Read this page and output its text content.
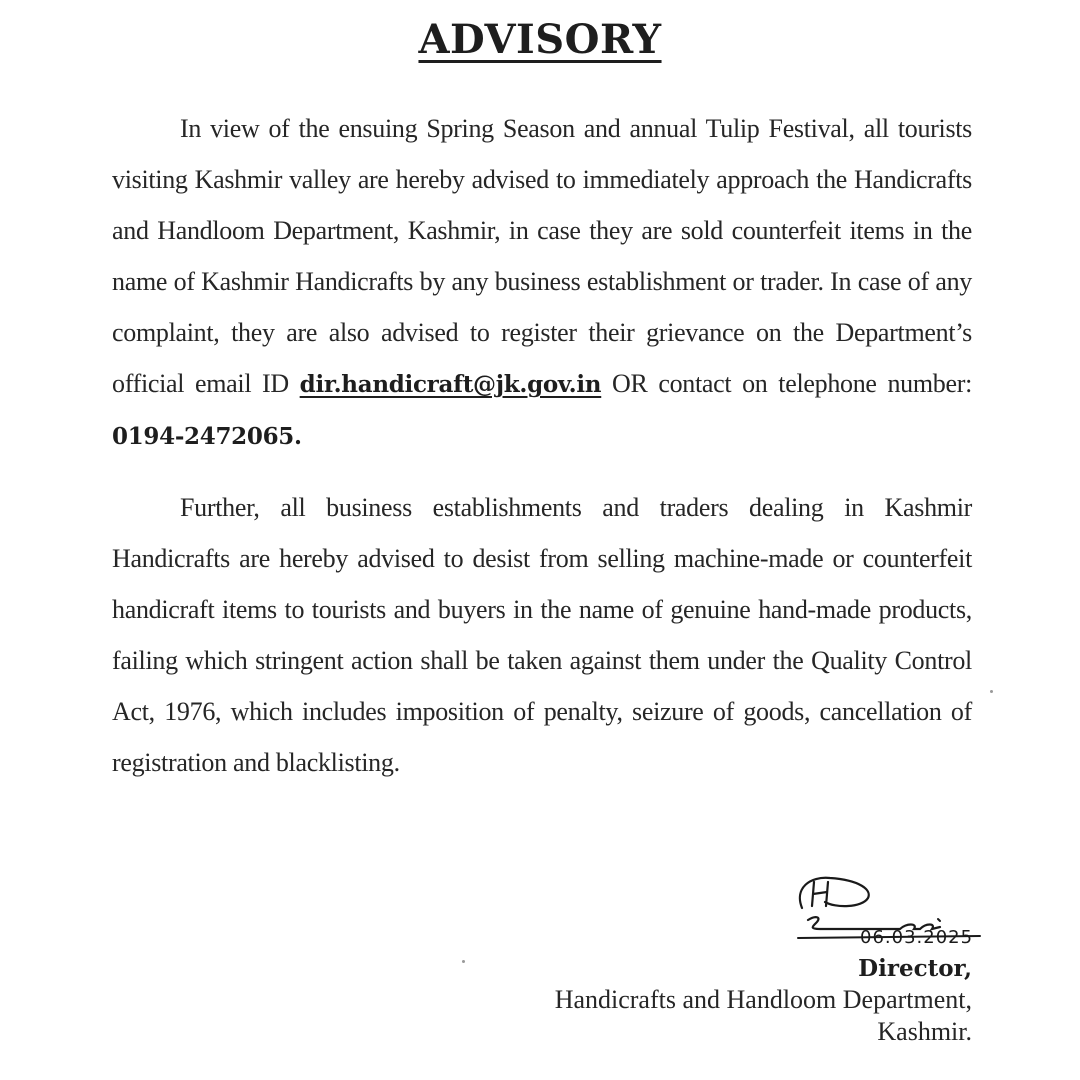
ADVISORY

In view of the ensuing Spring Season and annual Tulip Festival, all tourists visiting Kashmir valley are hereby advised to immediately approach the Handicrafts and Handloom Department, Kashmir, in case they are sold counterfeit items in the name of Kashmir Handicrafts by any business establishment or trader. In case of any complaint, they are also advised to register their grievance on the Department’s official email ID dir.handicraft@jk.gov.in OR contact on telephone number: 0194-2472065.

Further, all business establishments and traders dealing in Kashmir Handicrafts are hereby advised to desist from selling machine-made or counterfeit handicraft items to tourists and buyers in the name of genuine hand-made products, failing which stringent action shall be taken against them under the Quality Control Act, 1976, which includes imposition of penalty, seizure of goods, cancellation of registration and blacklisting.

06.03.2025
Director,
Handicrafts and Handloom Department,
Kashmir.
